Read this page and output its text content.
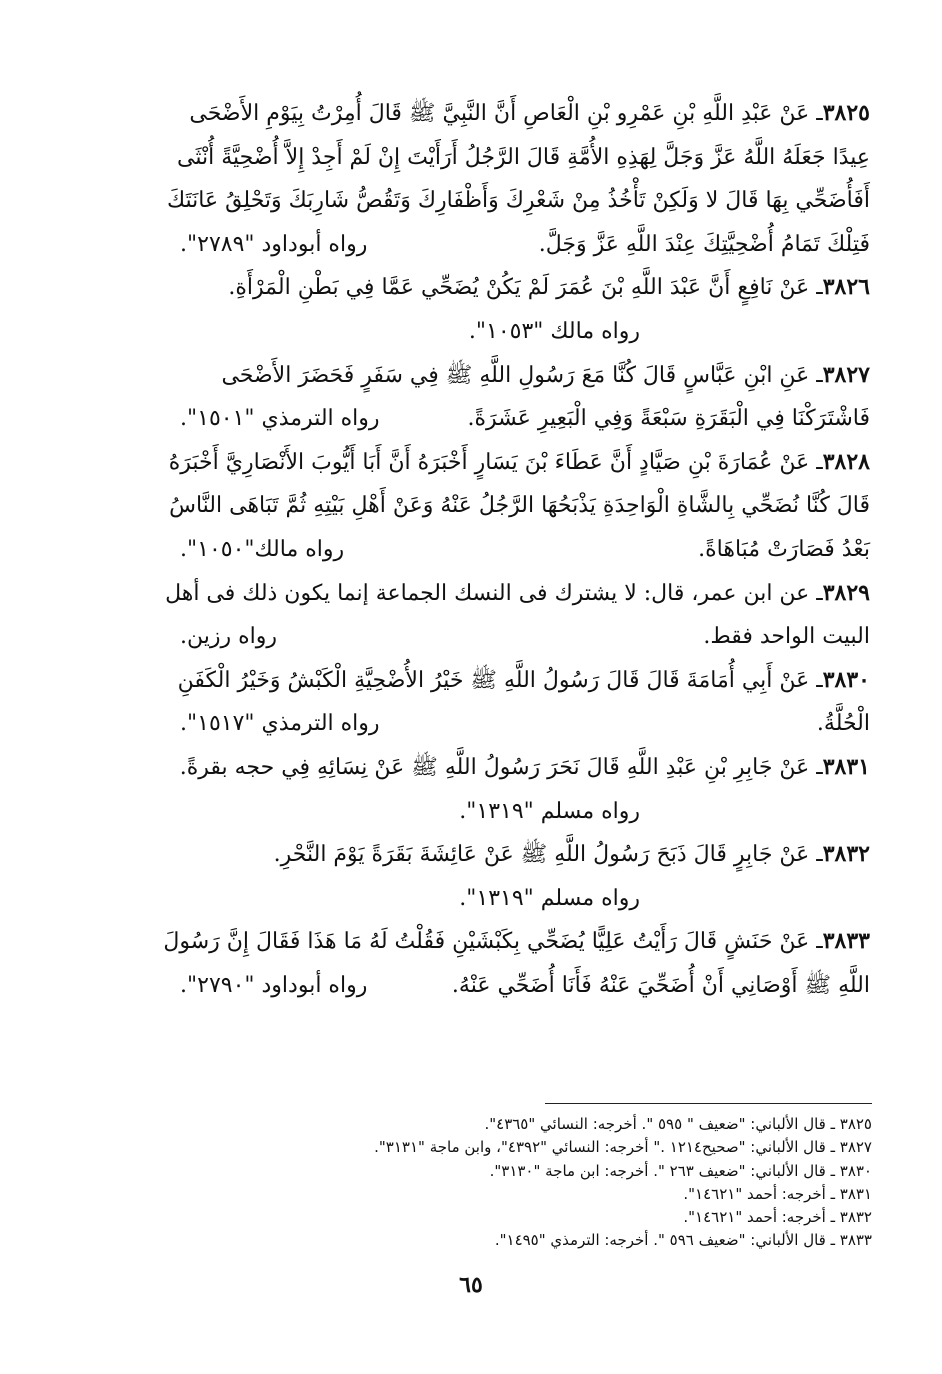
٣٨٢٥ـ عَنْ عَبْدِ اللَّهِ بْنِ عَمْرِو بْنِ الْعَاصِ أَنَّ النَّبِيَّ ﷺ قَالَ أُمِرْتُ بِيَوْمِ الأَضْحَى
عِيدًا جَعَلَهُ اللَّهُ عَزَّ وَجَلَّ لِهَذِهِ الأُمَّةِ قَالَ الرَّجُلُ أَرَأَيْتَ إِنْ لَمْ أَجِدْ إِلاَّ أُضْحِيَّةً أُنْثَى
أَفَأُضَحِّي بِهَا قَالَ لا وَلَكِنْ تَأْخُذُ مِنْ شَعْرِكَ وَأَظْفَارِكَ وَتَقُصُّ شَارِبَكَ وَتَحْلِقُ عَانَتَكَ
فَتِلْكَ تَمَامُ أُضْحِيَّتِكَ عِنْدَ اللَّهِ عَزَّ وَجَلَّ.
رواه أبوداود "٢٧٨٩".
٣٨٢٦ـ عَنْ نَافِعٍ أَنَّ عَبْدَ اللَّهِ بْنَ عُمَرَ لَمْ يَكُنْ يُضَحِّي عَمَّا فِي بَطْنِ الْمَرْأَةِ.
رواه مالك "١٠٥٣".
٣٨٢٧ـ عَنِ ابْنِ عَبَّاسٍ قَالَ كُنَّا مَعَ رَسُولِ اللَّهِ ﷺ فِي سَفَرٍ فَحَضَرَ الأَضْحَى
فَاشْتَرَكْنَا فِي الْبَقَرَةِ سَبْعَةً وَفِي الْبَعِيرِ عَشَرَةً.
رواه الترمذي "١٥٠١".
٣٨٢٨ـ عَنْ عُمَارَةَ بْنِ صَيَّادٍ أَنَّ عَطَاءَ بْنَ يَسَارٍ أَخْبَرَهُ أَنَّ أَبَا أَيُّوبَ الأَنْصَارِيَّ أَخْبَرَهُ
قَالَ كُنَّا نُضَحِّي بِالشَّاةِ الْوَاحِدَةِ يَذْبَحُهَا الرَّجُلُ عَنْهُ وَعَنْ أَهْلِ بَيْتِهِ ثُمَّ تَبَاهَى النَّاسُ
بَعْدُ فَصَارَتْ مُبَاهَاةً.
رواه مالك"١٠٥٠".
٣٨٢٩ـ عن ابن عمر، قال: لا يشترك فى النسك الجماعة إنما يكون ذلك فى أهل
البيت الواحد فقط.
رواه رزين.
٣٨٣٠ـ عَنْ أَبِي أُمَامَةَ قَالَ قَالَ رَسُولُ اللَّهِ ﷺ خَيْرُ الأُضْحِيَّةِ الْكَبْشُ وَخَيْرُ الْكَفَنِ
الْحُلَّةُ.
رواه الترمذي "١٥١٧".
٣٨٣١ـ عَنْ جَابِرِ بْنِ عَبْدِ اللَّهِ قَالَ نَحَرَ رَسُولُ اللَّهِ ﷺ عَنْ نِسَائِهِ فِي حجه بقرةً.
رواه مسلم "١٣١٩".
٣٨٣٢ـ عَنْ جَابِرٍ قَالَ ذَبَحَ رَسُولُ اللَّهِ ﷺ عَنْ عَائِشَةَ بَقَرَةً يَوْمَ النَّحْرِ.
رواه مسلم "١٣١٩".
٣٨٣٣ـ عَنْ حَنَشٍ قَالَ رَأَيْتُ عَلِيًّا يُضَحِّي بِكَبْشَيْنِ فَقُلْتُ لَهُ مَا هَذَا فَقَالَ إِنَّ رَسُولَ
اللَّهِ ﷺ أَوْصَانِي أَنْ أُضَحِّيَ عَنْهُ فَأَنَا أُضَحِّي عَنْهُ.
رواه أبوداود "٢٧٩٠".
٣٨٢٥ ـ قال الألباني: "ضعيف " ٥٩٥ ". أخرجه: النسائي "٤٣٦٥".
٣٨٢٧ ـ قال الألباني: "صحيح١٢١٤ ." أخرجه: النسائي "٤٣٩٢"، وابن ماجة "٣١٣١".
٣٨٣٠ ـ قال الألباني: "ضعيف ٢٦٣ ". أخرجه: ابن ماجة "٣١٣٠".
٣٨٣١ ـ أخرجه: أحمد "١٤٦٢١".
٣٨٣٢ ـ أخرجه: أحمد "١٤٦٢١".
٣٨٣٣ ـ قال الألباني: "ضعيف ٥٩٦ ". أخرجه: الترمذي "١٤٩٥".
٦٥
